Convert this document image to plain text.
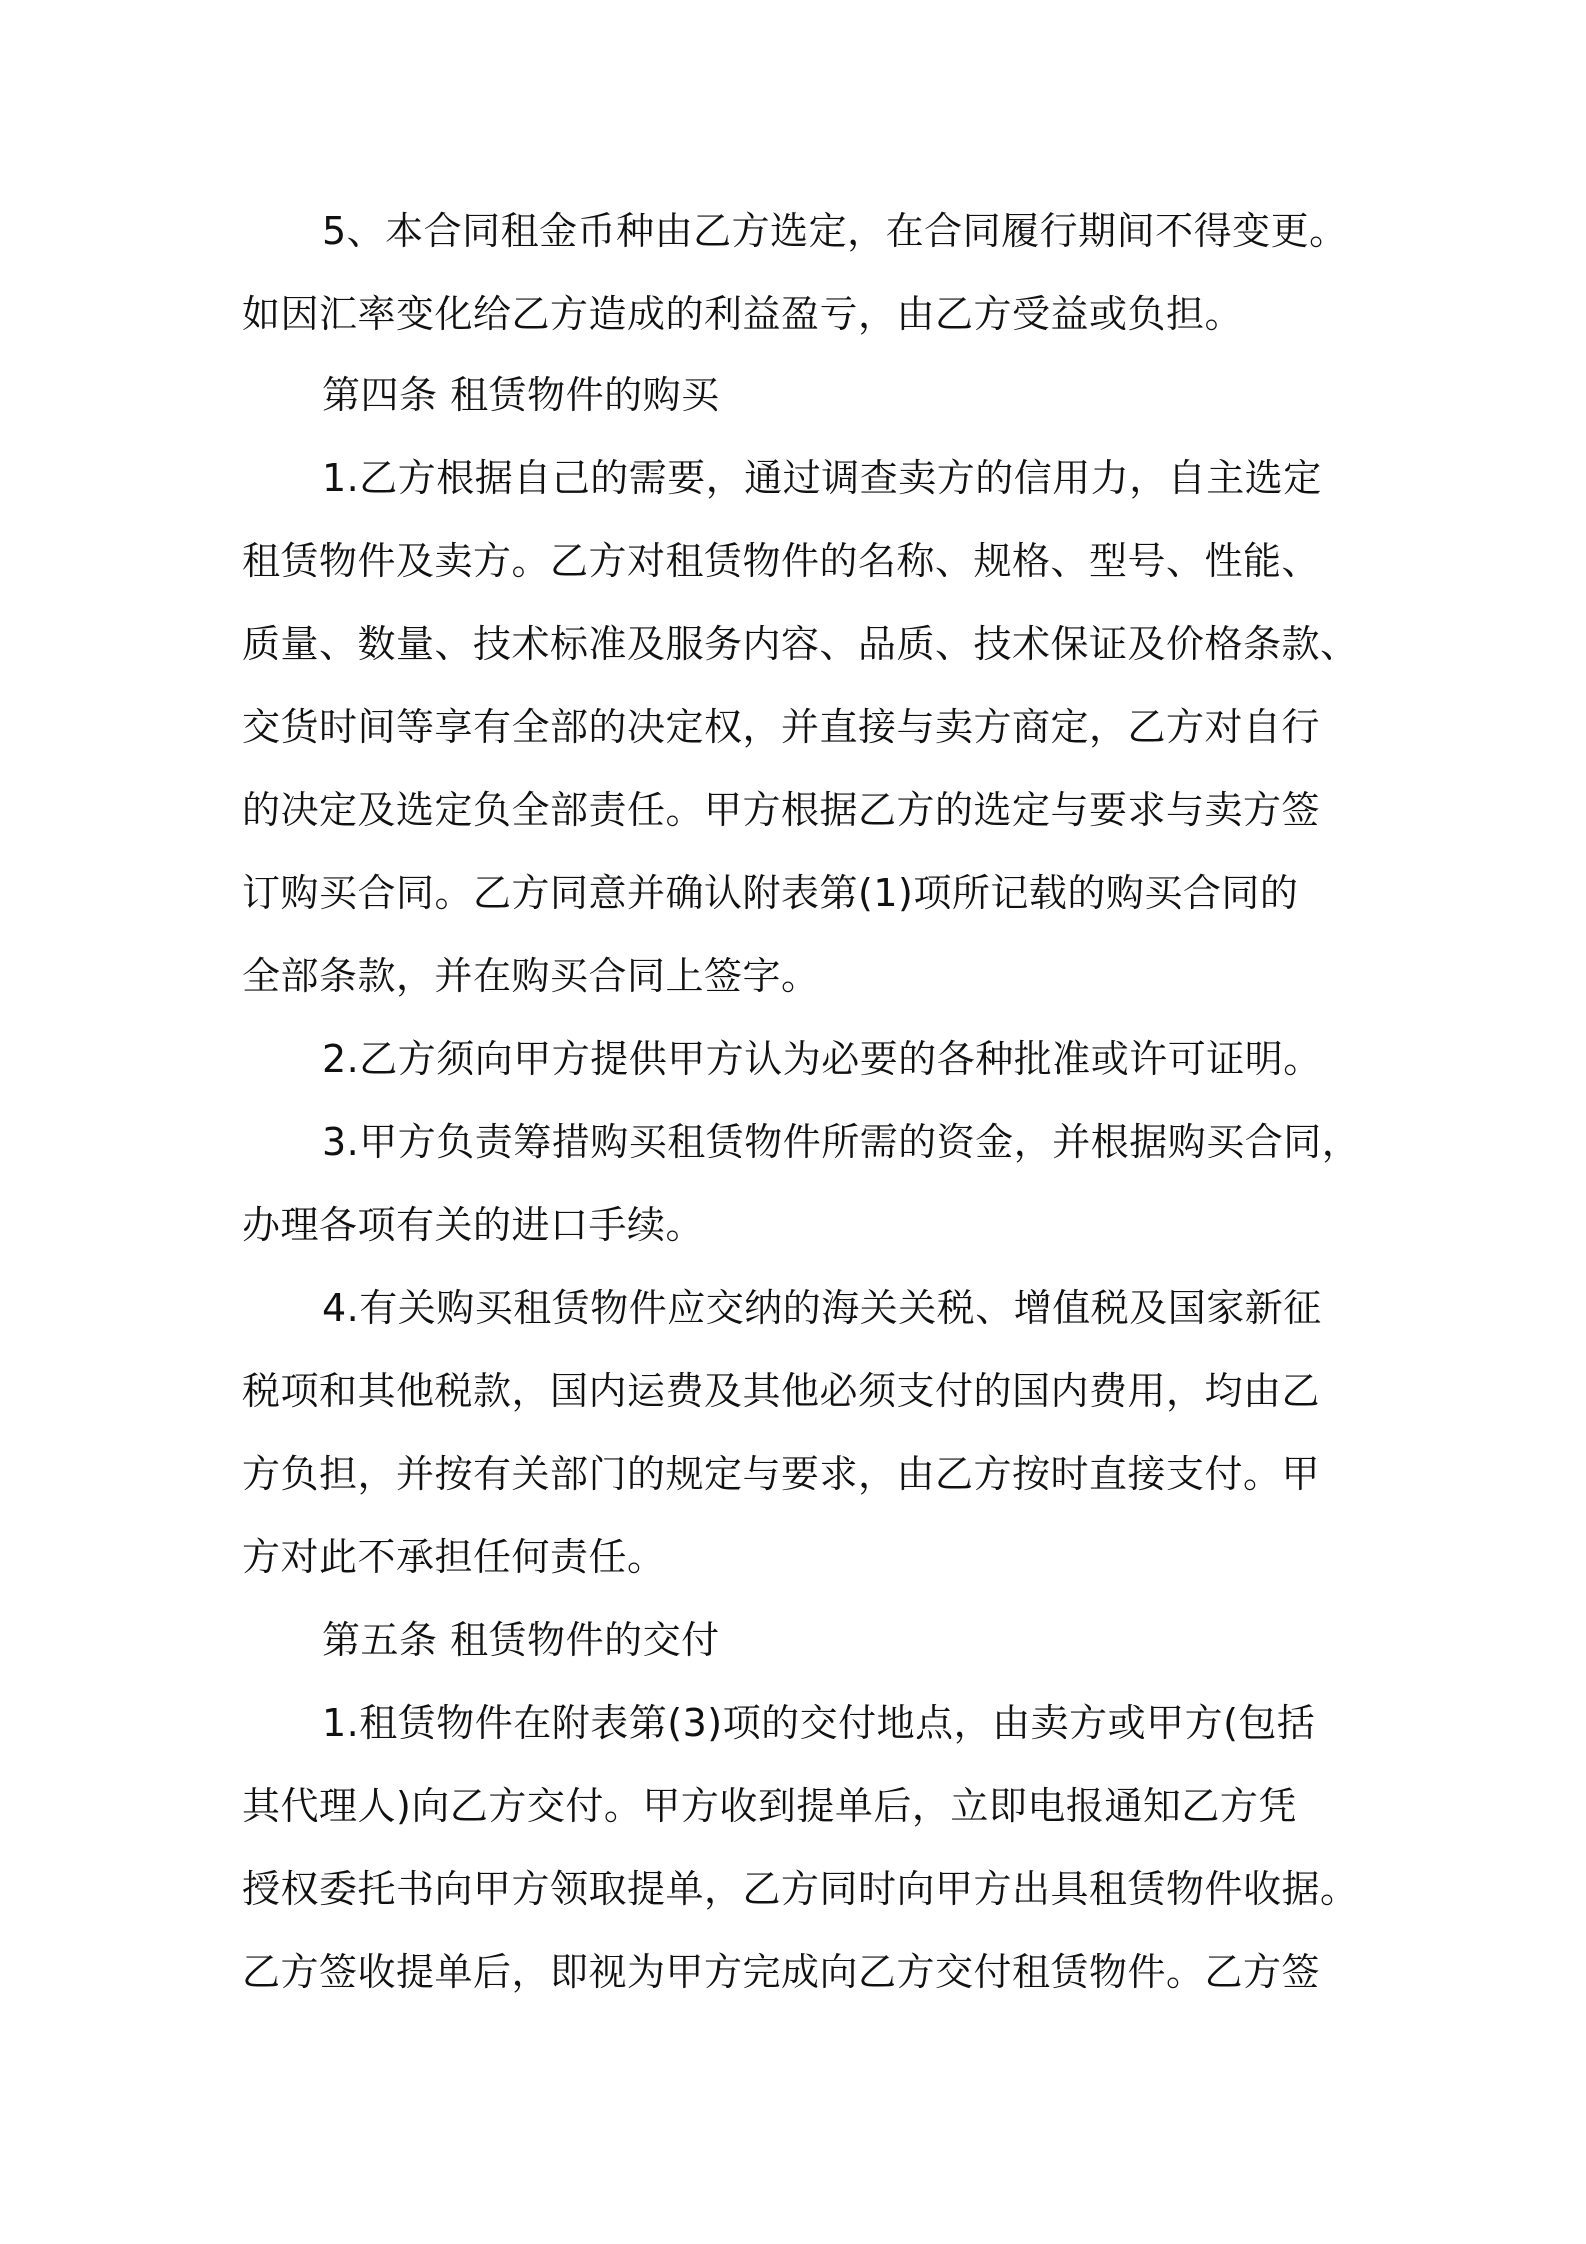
5、本合同租金币种由乙方选定，在合同履行期间不得变更。
如因汇率变化给乙方造成的利益盈亏，由乙方受益或负担。
第四条 租赁物件的购买
1.乙方根据自己的需要，通过调查卖方的信用力，自主选定
租赁物件及卖方。乙方对租赁物件的名称、规格、型号、性能、
质量、数量、技术标准及服务内容、品质、技术保证及价格条款、
交货时间等享有全部的决定权，并直接与卖方商定，乙方对自行
的决定及选定负全部责任。甲方根据乙方的选定与要求与卖方签
订购买合同。乙方同意并确认附表第(1)项所记载的购买合同的
全部条款，并在购买合同上签字。
2.乙方须向甲方提供甲方认为必要的各种批准或许可证明。
3.甲方负责筹措购买租赁物件所需的资金，并根据购买合同，
办理各项有关的进口手续。
4.有关购买租赁物件应交纳的海关关税、增值税及国家新征
税项和其他税款，国内运费及其他必须支付的国内费用，均由乙
方负担，并按有关部门的规定与要求，由乙方按时直接支付。甲
方对此不承担任何责任。
第五条 租赁物件的交付
1.租赁物件在附表第(3)项的交付地点，由卖方或甲方(包括
其代理人)向乙方交付。甲方收到提单后，立即电报通知乙方凭
授权委托书向甲方领取提单，乙方同时向甲方出具租赁物件收据。
乙方签收提单后，即视为甲方完成向乙方交付租赁物件。乙方签
